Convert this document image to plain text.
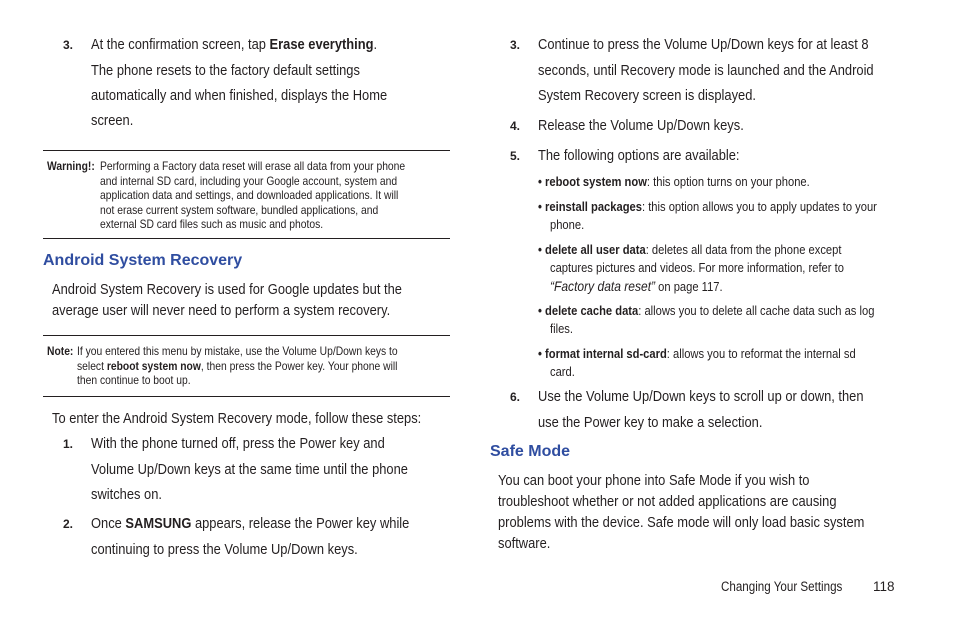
3. At the confirmation screen, tap Erase everything.
The phone resets to the factory default settings
automatically and when finished, displays the Home
screen.
Warning!: Performing a Factory data reset will erase all data from your phone
and internal SD card, including your Google account, system and
application data and settings, and downloaded applications. It will
not erase current system software, bundled applications, and
external SD card files such as music and photos.
Android System Recovery
Android System Recovery is used for Google updates but the
average user will never need to perform a system recovery.
Note: If you entered this menu by mistake, use the Volume Up/Down keys to
select reboot system now, then press the Power key. Your phone will
then continue to boot up.
To enter the Android System Recovery mode, follow these steps:
1. With the phone turned off, press the Power key and
Volume Up/Down keys at the same time until the phone
switches on.
2. Once SAMSUNG appears, release the Power key while
continuing to press the Volume Up/Down keys.
3. Continue to press the Volume Up/Down keys for at least 8
seconds, until Recovery mode is launched and the Android
System Recovery screen is displayed.
4. Release the Volume Up/Down keys.
5. The following options are available:
• reboot system now: this option turns on your phone.
• reinstall packages: this option allows you to apply updates to your
phone.
• delete all user data: deletes all data from the phone except
captures pictures and videos. For more information, refer to
“Factory data reset” on page 117.
• delete cache data: allows you to delete all cache data such as log
files.
• format internal sd-card: allows you to reformat the internal sd
card.
6. Use the Volume Up/Down keys to scroll up or down, then
use the Power key to make a selection.
Safe Mode
You can boot your phone into Safe Mode if you wish to
troubleshoot whether or not added applications are causing
problems with the device. Safe mode will only load basic system
software.
Changing Your Settings	118
